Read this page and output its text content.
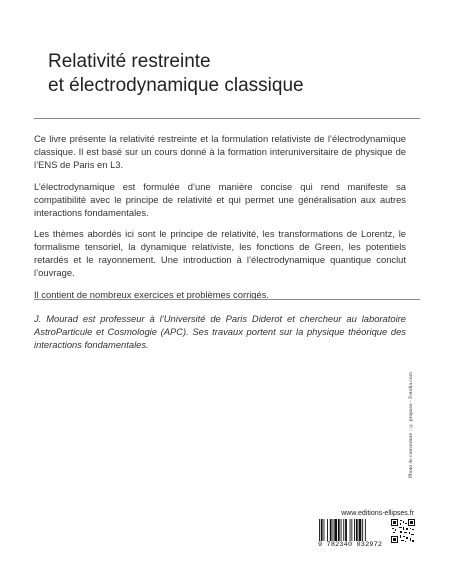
Relativité restreinte
et électrodynamique classique

Ce livre présente la relativité restreinte et la formulation relativiste de l’électrodynamique classique. Il est basé sur un cours donné à la formation interuniversitaire de physique de l’ENS de Paris en L3.

L’électrodynamique est formulée d’une manière concise qui rend manifeste sa compatibilité avec le principe de relativité et qui permet une généralisation aux autres interactions fondamentales.

Les thèmes abordés ici sont le principe de relativité, les transformations de Lorentz, le formalisme tensoriel, la dynamique relativiste, les fonctions de Green, les potentiels retardés et le rayonnement. Une introduction à l’électrodynamique quantique conclut l’ouvrage.

Il contient de nombreux exercices et problèmes corrigés.

J. Mourad est professeur à l’Université de Paris Diderot et chercheur au laboratoire AstroParticule et Cosmologie (APC). Ses travaux portent sur la physique théorique des interactions fondamentales.
Photo de couverture : © propaso - Fotolia.com
www.editions-ellipses.fr
9 782340 032972
